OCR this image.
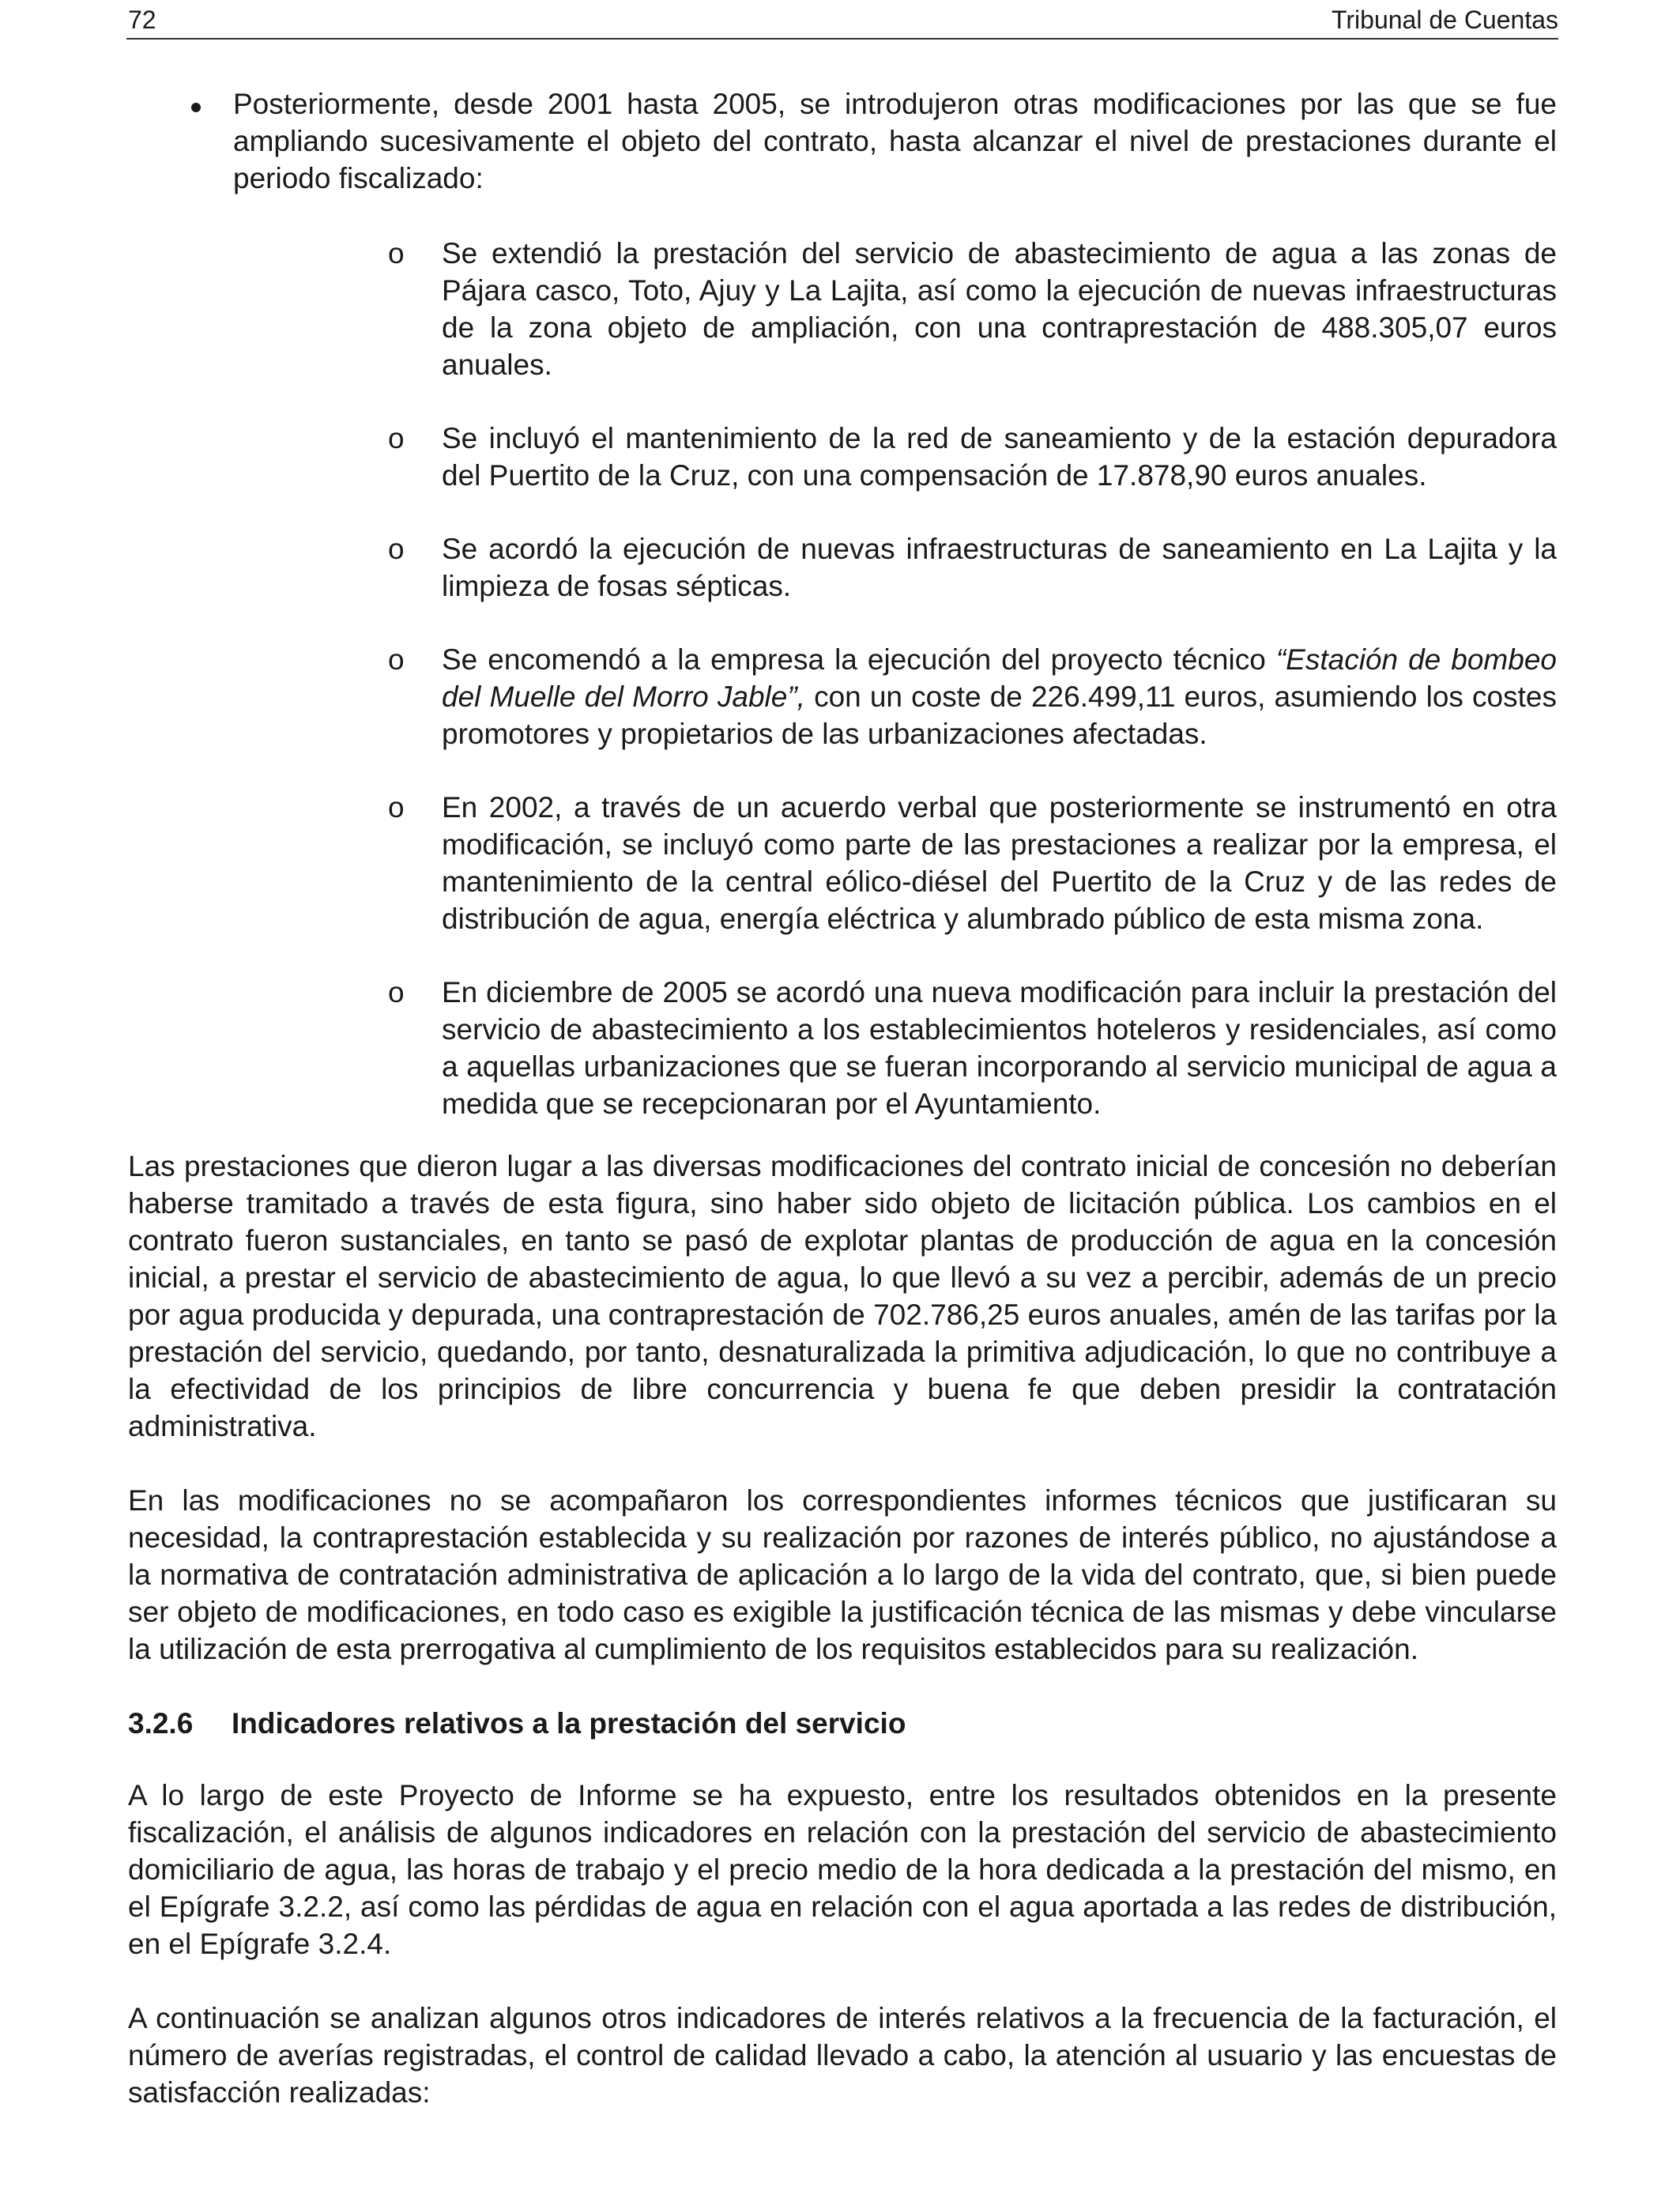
72	Tribunal de Cuentas
Posteriormente, desde 2001 hasta 2005, se introdujeron otras modificaciones por las que se fue ampliando sucesivamente el objeto del contrato, hasta alcanzar el nivel de prestaciones durante el periodo fiscalizado:
o Se extendió la prestación del servicio de abastecimiento de agua a las zonas de Pájara casco, Toto, Ajuy y La Lajita, así como la ejecución de nuevas infraestructuras de la zona objeto de ampliación, con una contraprestación de 488.305,07 euros anuales.
o Se incluyó el mantenimiento de la red de saneamiento y de la estación depuradora del Puertito de la Cruz, con una compensación de 17.878,90 euros anuales.
o Se acordó la ejecución de nuevas infraestructuras de saneamiento en La Lajita y la limpieza de fosas sépticas.
o Se encomendó a la empresa la ejecución del proyecto técnico “Estación de bombeo del Muelle del Morro Jable”, con un coste de 226.499,11 euros, asumiendo los costes promotores y propietarios de las urbanizaciones afectadas.
o En 2002, a través de un acuerdo verbal que posteriormente se instrumentó en otra modificación, se incluyó como parte de las prestaciones a realizar por la empresa, el mantenimiento de la central eólico-diésel del Puertito de la Cruz y de las redes de distribución de agua, energía eléctrica y alumbrado público de esta misma zona.
o En diciembre de 2005 se acordó una nueva modificación para incluir la prestación del servicio de abastecimiento a los establecimientos hoteleros y residenciales, así como a aquellas urbanizaciones que se fueran incorporando al servicio municipal de agua a medida que se recepcionaran por el Ayuntamiento.

Las prestaciones que dieron lugar a las diversas modificaciones del contrato inicial de concesión no deberían haberse tramitado a través de esta figura, sino haber sido objeto de licitación pública. Los cambios en el contrato fueron sustanciales, en tanto se pasó de explotar plantas de producción de agua en la concesión inicial, a prestar el servicio de abastecimiento de agua, lo que llevó a su vez a percibir, además de un precio por agua producida y depurada, una contraprestación de 702.786,25 euros anuales, amén de las tarifas por la prestación del servicio, quedando, por tanto, desnaturalizada la primitiva adjudicación, lo que no contribuye a la efectividad de los principios de libre concurrencia y buena fe que deben presidir la contratación administrativa.

En las modificaciones no se acompañaron los correspondientes informes técnicos que justificaran su necesidad, la contraprestación establecida y su realización por razones de interés público, no ajustándose a la normativa de contratación administrativa de aplicación a lo largo de la vida del contrato, que, si bien puede ser objeto de modificaciones, en todo caso es exigible la justificación técnica de las mismas y debe vincularse la utilización de esta prerrogativa al cumplimiento de los requisitos establecidos para su realización.

3.2.6 Indicadores relativos a la prestación del servicio

A lo largo de este Proyecto de Informe se ha expuesto, entre los resultados obtenidos en la presente fiscalización, el análisis de algunos indicadores en relación con la prestación del servicio de abastecimiento domiciliario de agua, las horas de trabajo y el precio medio de la hora dedicada a la prestación del mismo, en el Epígrafe 3.2.2, así como las pérdidas de agua en relación con el agua aportada a las redes de distribución, en el Epígrafe 3.2.4.

A continuación se analizan algunos otros indicadores de interés relativos a la frecuencia de la facturación, el número de averías registradas, el control de calidad llevado a cabo, la atención al usuario y las encuestas de satisfacción realizadas:
